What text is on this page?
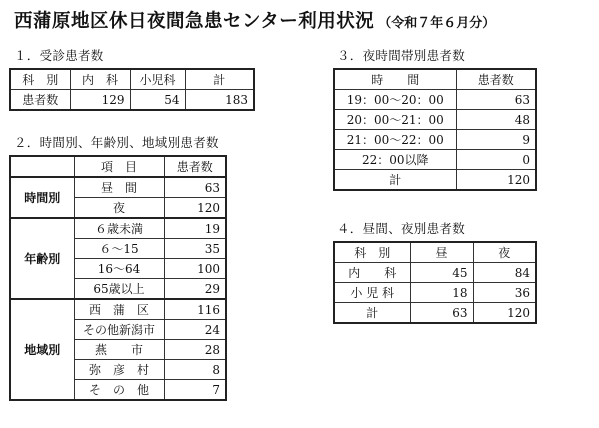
西蒲原地区休日夜間急患センター利用状況 （令和７年６月分）
１．受診患者数
科　別	内　科	小児科	計
患者数	129	54	183
２．時間別、年齢別、地域別患者数
	項　目	患者数
時間別	昼　間	63
	夜	120
年齢別	６歳未満	19
	６～15	35
	16～64	100
	65歳以上	29
地域別	西　蒲　区	116
	その他新潟市	24
	燕　　市	28
	弥　彦　村	8
	そ　の　他	7
３．夜時間帯別患者数
時　　間	患者数
19：00～20：00	63
20：00～21：00	48
21：00～22：00	9
22：00以降	0
計	120
４．昼間、夜別患者数
科　別	昼	夜
内　　科	45	84
小 児 科	18	36
計	63	120
